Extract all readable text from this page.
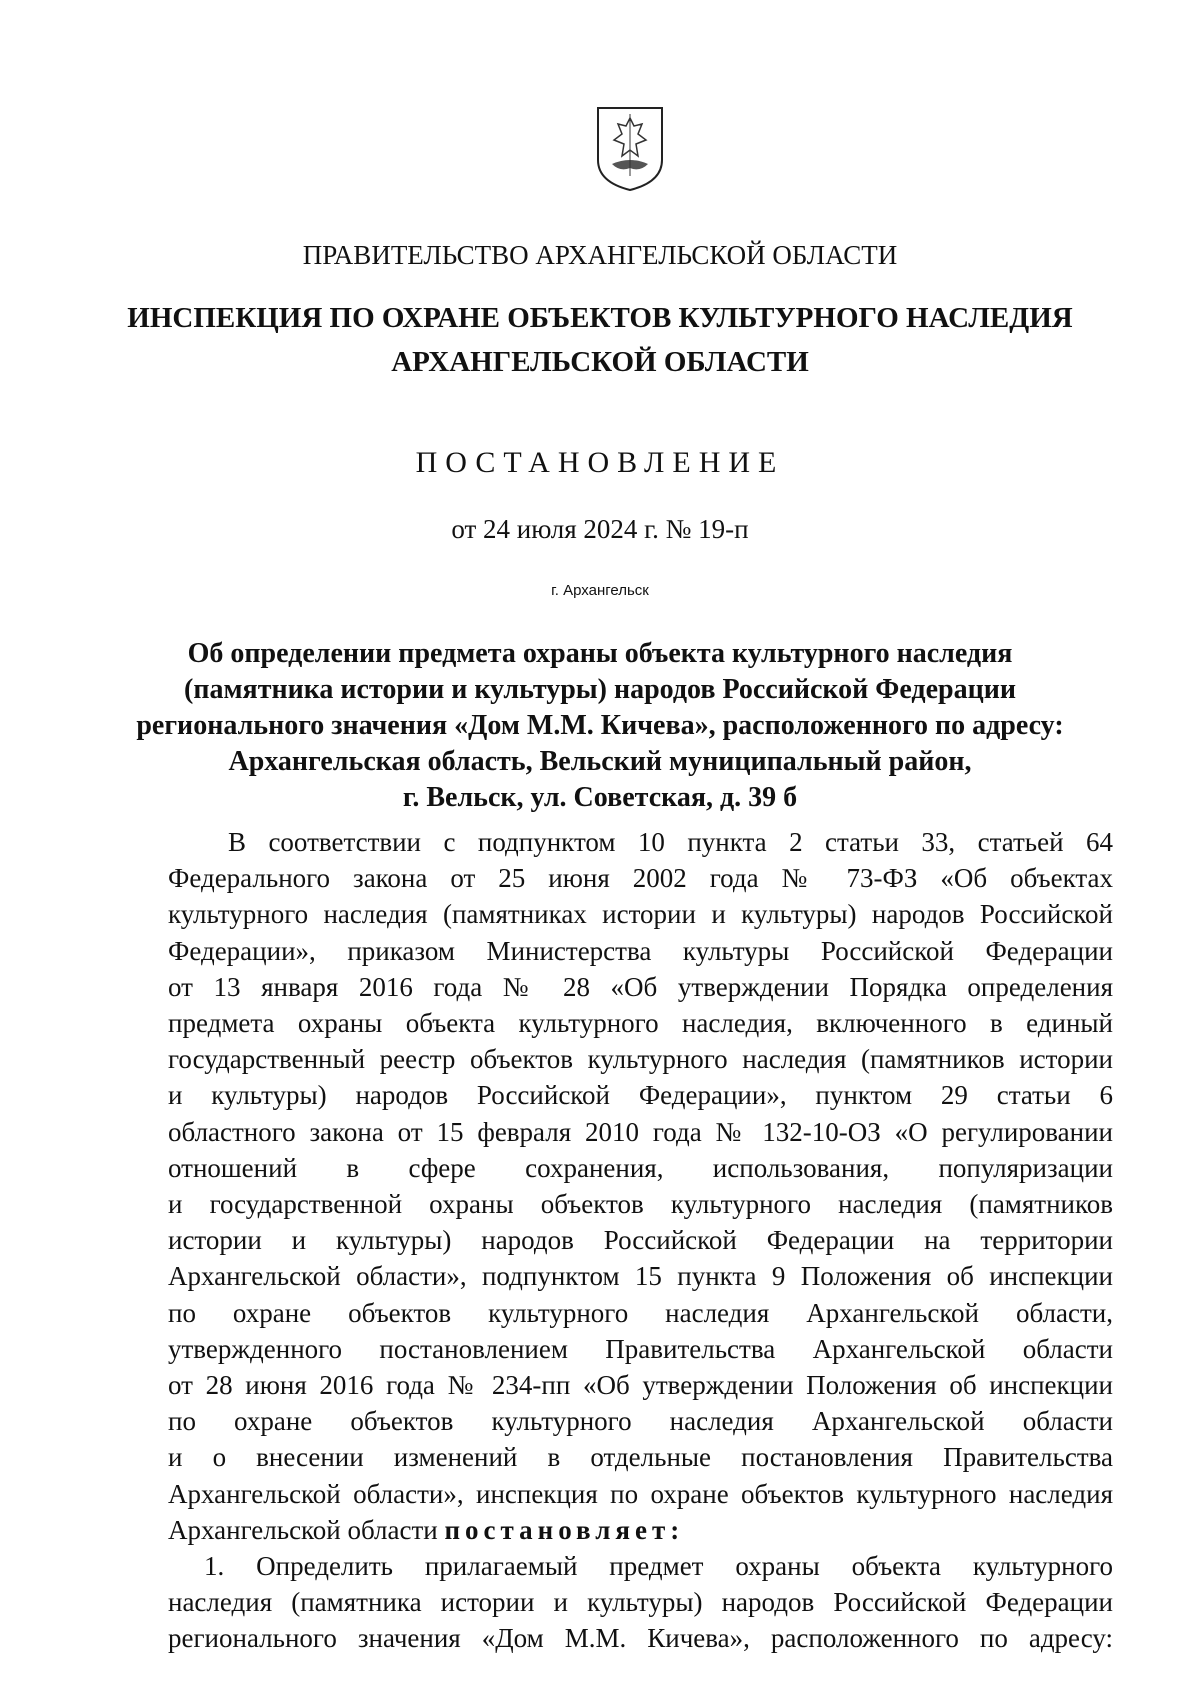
ПРАВИТЕЛЬСТВО АРХАНГЕЛЬСКОЙ ОБЛАСТИ
ИНСПЕКЦИЯ ПО ОХРАНЕ ОБЪЕКТОВ КУЛЬТУРНОГО НАСЛЕДИЯ
АРХАНГЕЛЬСКОЙ ОБЛАСТИ
ПОСТАНОВЛЕНИЕ
от 24 июля 2024 г. № 19-п
г. Архангельск
Об определении предмета охраны объекта культурного наследия
(памятника истории и культуры) народов Российской Федерации
регионального значения «Дом М.М. Кичева», расположенного по адресу:
Архангельская область, Вельский муниципальный район,
г. Вельск, ул. Советская, д. 39 б
В соответствии с подпунктом 10 пункта 2 статьи 33, статьей 64
Федерального закона от 25 июня 2002 года № 73-ФЗ «Об объектах
культурного наследия (памятниках истории и культуры) народов Российской
Федерации», приказом Министерства культуры Российской Федерации
от 13 января 2016 года № 28 «Об утверждении Порядка определения
предмета охраны объекта культурного наследия, включенного в единый
государственный реестр объектов культурного наследия (памятников истории
и культуры) народов Российской Федерации», пунктом 29 статьи 6
областного закона от 15 февраля 2010 года № 132-10-ОЗ «О регулировании
отношений в сфере сохранения, использования, популяризации
и государственной охраны объектов культурного наследия (памятников
истории и культуры) народов Российской Федерации на территории
Архангельской области», подпунктом 15 пункта 9 Положения об инспекции
по охране объектов культурного наследия Архангельской области,
утвержденного постановлением Правительства Архангельской области
от 28 июня 2016 года № 234-пп «Об утверждении Положения об инспекции
по охране объектов культурного наследия Архангельской области
и о внесении изменений в отдельные постановления Правительства
Архангельской области», инспекция по охране объектов культурного наследия
Архангельской области постановляет:
1. Определить прилагаемый предмет охраны объекта культурного
наследия (памятника истории и культуры) народов Российской Федерации
регионального значения «Дом М.М. Кичева», расположенного по адресу:
